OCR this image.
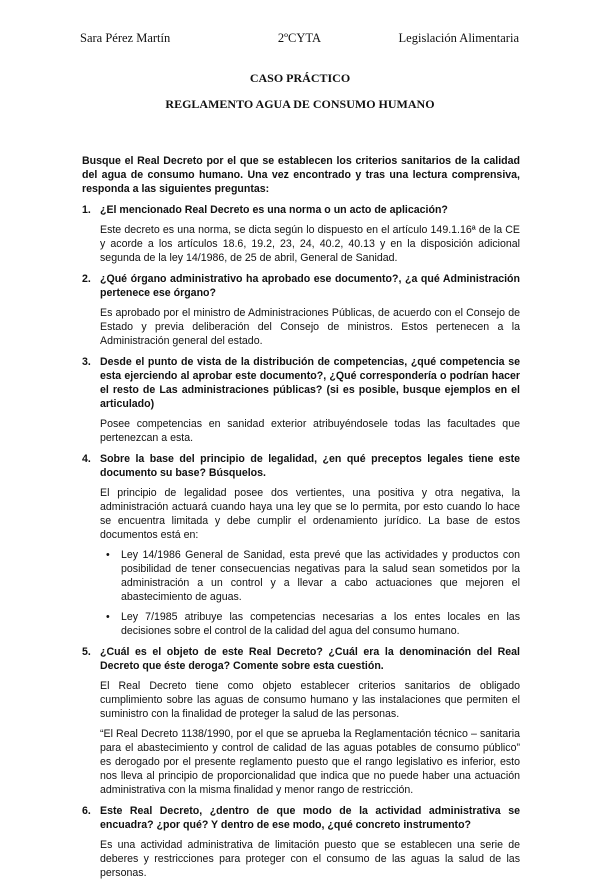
Sara Pérez Martín	2ºCYTA	Legislación Alimentaria
CASO PRÁCTICO
REGLAMENTO AGUA DE CONSUMO HUMANO

Busque el Real Decreto por el que se establecen los criterios sanitarios de la calidad del agua de consumo humano. Una vez encontrado y tras una lectura comprensiva, responda a las siguientes preguntas:

1. ¿El mencionado Real Decreto es una norma o un acto de aplicación?

Este decreto es una norma, se dicta según lo dispuesto en el artículo 149.1.16ª de la CE y acorde a los artículos 18.6, 19.2, 23, 24, 40.2, 40.13 y en la disposición adicional segunda de la ley 14/1986, de 25 de abril, General de Sanidad.

2. ¿Qué órgano administrativo ha aprobado ese documento?, ¿a qué Administración pertenece ese órgano?

Es aprobado por el ministro de Administraciones Públicas, de acuerdo con el Consejo de Estado y previa deliberación del Consejo de ministros. Estos pertenecen a la Administración general del estado.

3. Desde el punto de vista de la distribución de competencias, ¿qué competencia se esta ejerciendo al aprobar este documento?, ¿Qué correspondería o podrían hacer el resto de Las administraciones públicas? (si es posible, busque ejemplos en el articulado)

Posee competencias en sanidad exterior atribuyéndosele todas las facultades que pertenezcan a esta.

4. Sobre la base del principio de legalidad, ¿en qué preceptos legales tiene este documento su base? Búsquelos.

El principio de legalidad posee dos vertientes, una positiva y otra negativa, la administración actuará cuando haya una ley que se lo permita, por esto cuando lo hace se encuentra limitada y debe cumplir el ordenamiento jurídico. La base de estos documentos está en:

• Ley 14/1986 General de Sanidad, esta prevé que las actividades y productos con posibilidad de tener consecuencias negativas para la salud sean sometidos por la administración a un control y a llevar a cabo actuaciones que mejoren el abastecimiento de aguas.
• Ley 7/1985 atribuye las competencias necesarias a los entes locales en las decisiones sobre el control de la calidad del agua del consumo humano.
5. ¿Cuál es el objeto de este Real Decreto? ¿Cuál era la denominación del Real Decreto que éste deroga? Comente sobre esta cuestión.

El Real Decreto tiene como objeto establecer criterios sanitarios de obligado cumplimiento sobre las aguas de consumo humano y las instalaciones que permiten el suministro con la finalidad de proteger la salud de las personas.

“El Real Decreto 1138/1990, por el que se aprueba la Reglamentación técnico – sanitaria para el abastecimiento y control de calidad de las aguas potables de consumo público” es derogado por el presente reglamento puesto que el rango legislativo es inferior, esto nos lleva al principio de proporcionalidad que indica que no puede haber una actuación administrativa con la misma finalidad y menor rango de restricción.

6. Este Real Decreto, ¿dentro de que modo de la actividad administrativa se encuadra? ¿por qué? Y dentro de ese modo, ¿qué concreto instrumento?

Es una actividad administrativa de limitación puesto que se establecen una serie de deberes y restricciones para proteger con el consumo de las aguas la salud de las personas.
